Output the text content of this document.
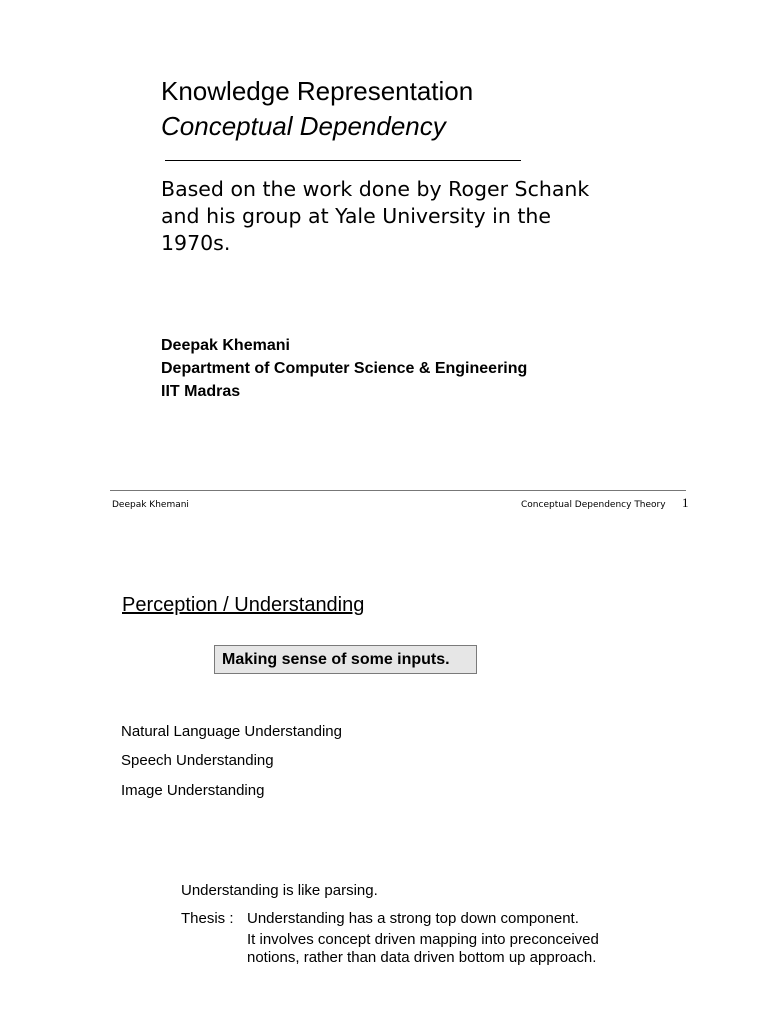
Knowledge Representation
Conceptual Dependency
Based on the work done by Roger Schank and his group at Yale University in the 1970s.
Deepak Khemani
Department of Computer Science & Engineering
IIT Madras
Deepak Khemani	Conceptual Dependency Theory 1
Perception / Understanding
Making sense of some inputs.
Natural Language Understanding
Speech Understanding
Image Understanding
Understanding is like parsing.
Thesis : Understanding has a strong top down component.
It involves concept driven mapping into preconceived
notions, rather than data driven bottom up approach.
